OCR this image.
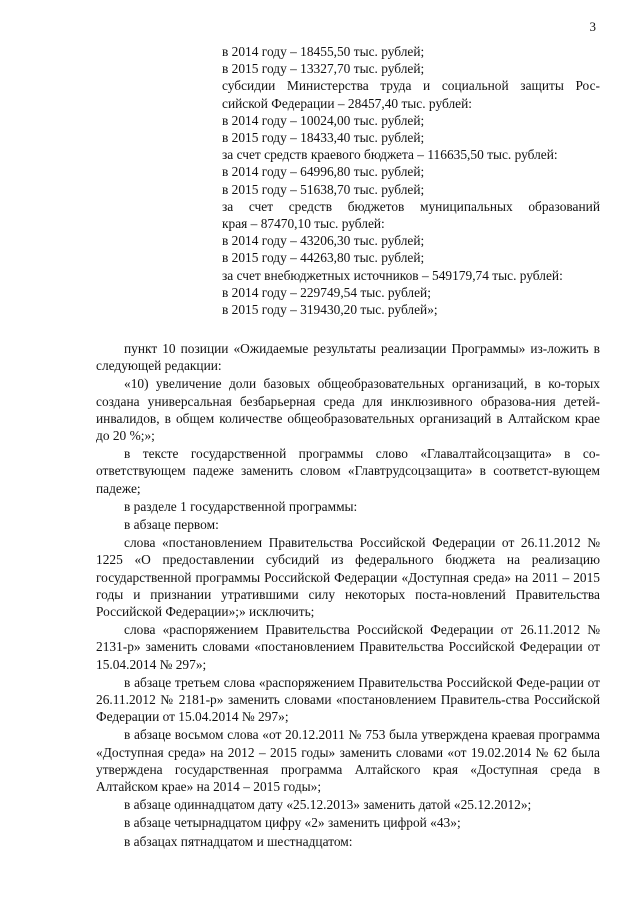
3
в 2014 году – 18455,50 тыс. рублей;
в 2015 году – 13327,70 тыс. рублей;
субсидии Министерства труда и социальной защиты Рос-
сийской Федерации – 28457,40 тыс. рублей:
в 2014 году – 10024,00 тыс. рублей;
в 2015 году – 18433,40 тыс. рублей;
за счет средств краевого бюджета – 116635,50 тыс. рублей:
в 2014 году – 64996,80 тыс. рублей;
в 2015 году – 51638,70 тыс. рублей;
за счет средств бюджетов муниципальных образований
края – 87470,10 тыс. рублей:
в 2014 году – 43206,30 тыс. рублей;
в 2015 году – 44263,80 тыс. рублей;
за счет внебюджетных источников – 549179,74 тыс. рублей:
в 2014 году – 229749,54 тыс. рублей;
в 2015 году – 319430,20 тыс. рублей»;

пункт 10 позиции «Ожидаемые результаты реализации Программы» из-ложить в следующей редакции:

«10) увеличение доли базовых общеобразовательных организаций, в ко-торых создана универсальная безбарьерная среда для инклюзивного образова-ния детей-инвалидов, в общем количестве общеобразовательных организаций в Алтайском крае до 20 %;»;

в тексте государственной программы слово «Главалтайсоцзащита» в со-ответствующем падеже заменить словом «Главтрудсоцзащита» в соответст-вующем падеже;

в разделе 1 государственной программы:

в абзаце первом:

слова «постановлением Правительства Российской Федерации от 26.11.2012 № 1225 «О предоставлении субсидий из федерального бюджета на реализацию государственной программы Российской Федерации «Доступная среда» на 2011 – 2015 годы и признании утратившими силу некоторых поста-новлений Правительства Российской Федерации»;» исключить;

слова «распоряжением Правительства Российской Федерации от 26.11.2012 № 2131-р» заменить словами «постановлением Правительства Российской Федерации от 15.04.2014 № 297»;

в абзаце третьем слова «распоряжением Правительства Российской Феде-рации от 26.11.2012 № 2181-р» заменить словами «постановлением Правитель-ства Российской Федерации от 15.04.2014 № 297»;

в абзаце восьмом слова «от 20.12.2011 № 753 была утверждена краевая программа «Доступная среда» на 2012 – 2015 годы» заменить словами «от 19.02.2014 № 62 была утверждена государственная программа Алтайского края «Доступная среда в Алтайском крае» на 2014 – 2015 годы»;

в абзаце одиннадцатом дату «25.12.2013» заменить датой «25.12.2012»;

в абзаце четырнадцатом цифру «2» заменить цифрой «43»;

в абзацах пятнадцатом и шестнадцатом:
